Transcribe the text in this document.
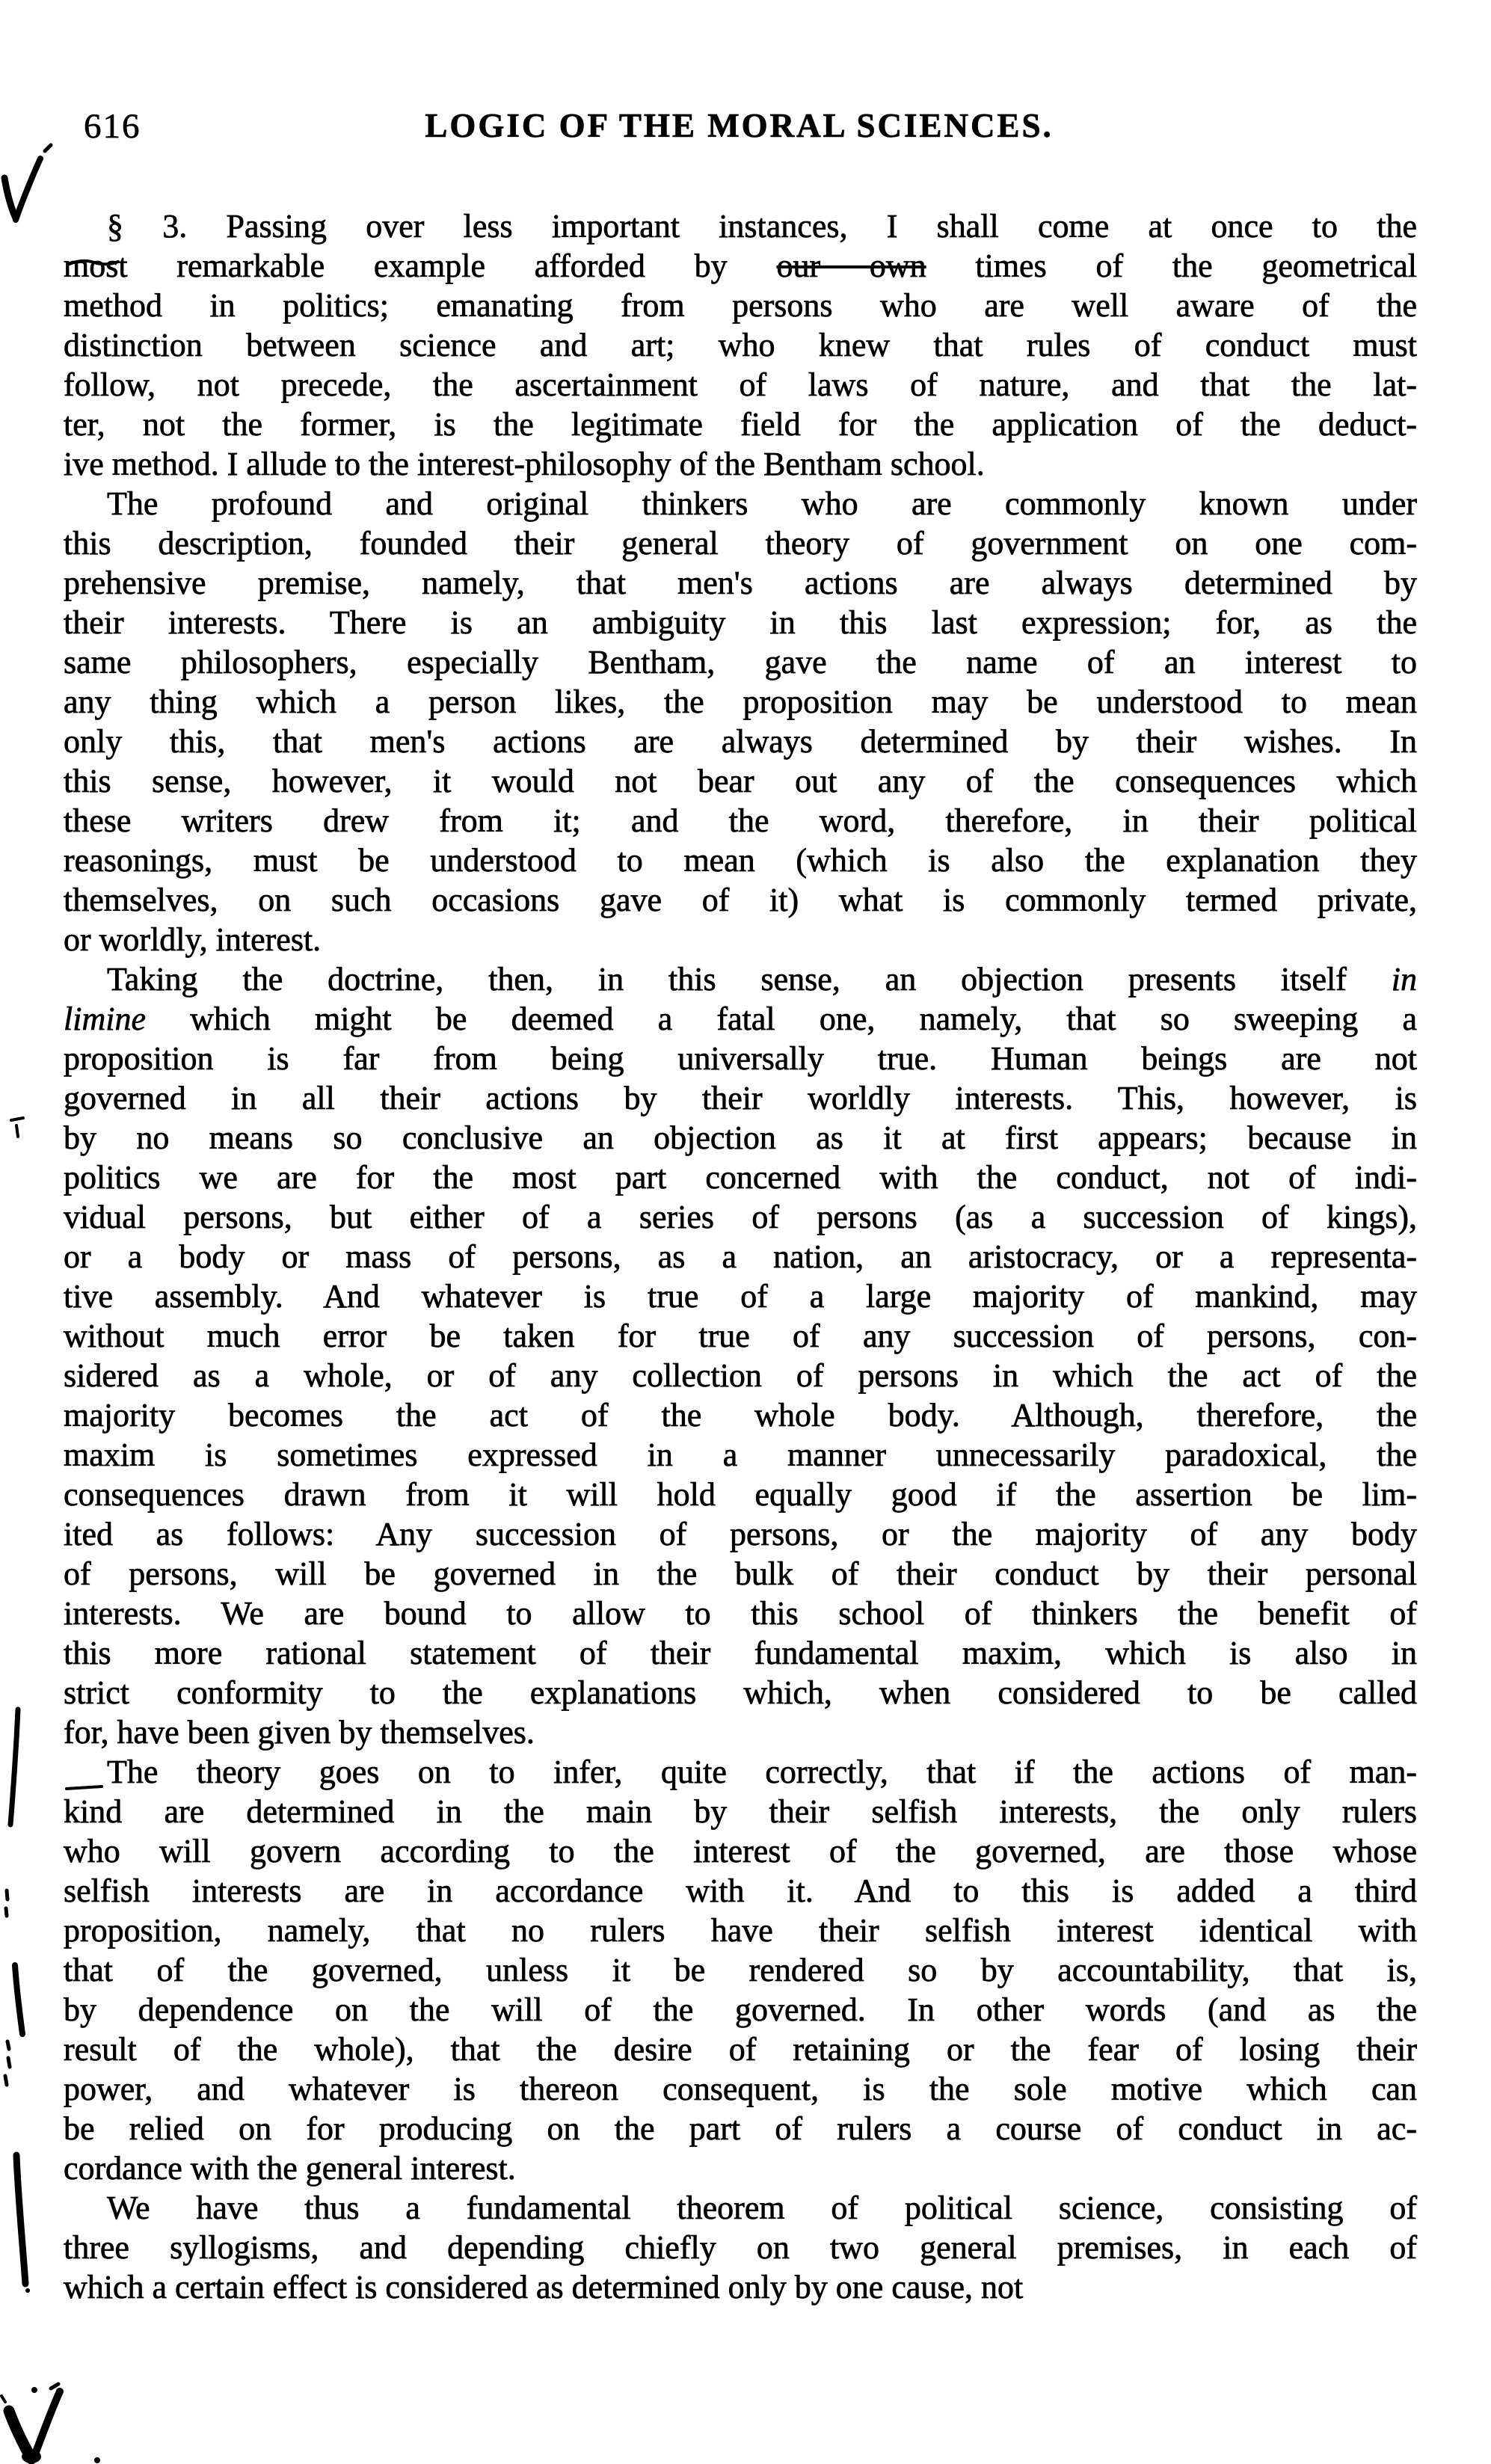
616	LOGIC OF THE MORAL SCIENCES.
§ 3. Passing over less important instances, I shall come at once to the
most remarkable example afforded by our own times of the geometrical
method in politics; emanating from persons who are well aware of the
distinction between science and art; who knew that rules of conduct must
follow, not precede, the ascertainment of laws of nature, and that the lat-
ter, not the former, is the legitimate field for the application of the deduct-
ive method. I allude to the interest-philosophy of the Bentham school.
The profound and original thinkers who are commonly known under
this description, founded their general theory of government on one com-
prehensive premise, namely, that men's actions are always determined by
their interests. There is an ambiguity in this last expression; for, as the
same philosophers, especially Bentham, gave the name of an interest to
any thing which a person likes, the proposition may be understood to mean
only this, that men's actions are always determined by their wishes. In
this sense, however, it would not bear out any of the consequences which
these writers drew from it; and the word, therefore, in their political
reasonings, must be understood to mean (which is also the explanation they
themselves, on such occasions gave of it) what is commonly termed private,
or worldly, interest.
Taking the doctrine, then, in this sense, an objection presents itself in
limine which might be deemed a fatal one, namely, that so sweeping a
proposition is far from being universally true. Human beings are not
governed in all their actions by their worldly interests. This, however, is
by no means so conclusive an objection as it at first appears; because in
politics we are for the most part concerned with the conduct, not of indi-
vidual persons, but either of a series of persons (as a succession of kings),
or a body or mass of persons, as a nation, an aristocracy, or a representa-
tive assembly. And whatever is true of a large majority of mankind, may
without much error be taken for true of any succession of persons, con-
sidered as a whole, or of any collection of persons in which the act of the
majority becomes the act of the whole body. Although, therefore, the
maxim is sometimes expressed in a manner unnecessarily paradoxical, the
consequences drawn from it will hold equally good if the assertion be lim-
ited as follows: Any succession of persons, or the majority of any body
of persons, will be governed in the bulk of their conduct by their personal
interests. We are bound to allow to this school of thinkers the benefit of
this more rational statement of their fundamental maxim, which is also in
strict conformity to the explanations which, when considered to be called
for, have been given by themselves.
The theory goes on to infer, quite correctly, that if the actions of man-
kind are determined in the main by their selfish interests, the only rulers
who will govern according to the interest of the governed, are those whose
selfish interests are in accordance with it. And to this is added a third
proposition, namely, that no rulers have their selfish interest identical with
that of the governed, unless it be rendered so by accountability, that is,
by dependence on the will of the governed. In other words (and as the
result of the whole), that the desire of retaining or the fear of losing their
power, and whatever is thereon consequent, is the sole motive which can
be relied on for producing on the part of rulers a course of conduct in ac-
cordance with the general interest.
We have thus a fundamental theorem of political science, consisting of
three syllogisms, and depending chiefly on two general premises, in each of
which a certain effect is considered as determined only by one cause, not
